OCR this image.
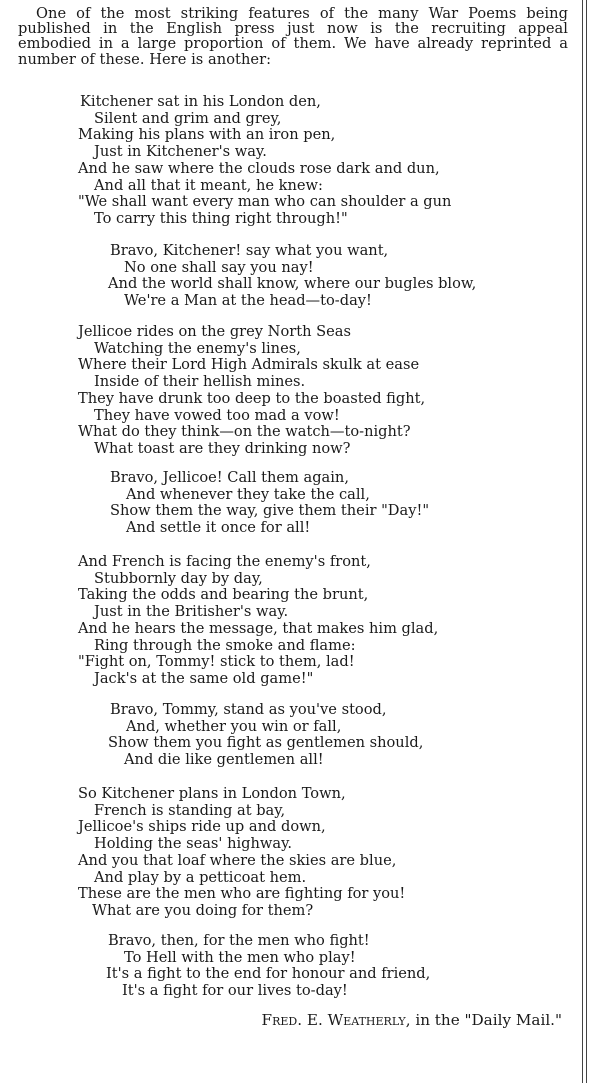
One of the most striking features of the many War Poems being published in the English press just now is the recruiting appeal embodied in a large proportion of them. We have already reprinted a number of these. Here is another:

Kitchener sat in his London den,
Silent and grim and grey,
Making his plans with an iron pen,
Just in Kitchener's way.
And he saw where the clouds rose dark and dun,
And all that it meant, he knew:
"We shall want every man who can shoulder a gun
To carry this thing right through!"
Bravo, Kitchener! say what you want,
No one shall say you nay!
And the world shall know, where our bugles blow,
We're a Man at the head—to-day!
Jellicoe rides on the grey North Seas
Watching the enemy's lines,
Where their Lord High Admirals skulk at ease
Inside of their hellish mines.
They have drunk too deep to the boasted fight,
They have vowed too mad a vow!
What do they think—on the watch—to-night?
What toast are they drinking now?
Bravo, Jellicoe! Call them again,
And whenever they take the call,
Show them the way, give them their "Day!"
And settle it once for all!
And French is facing the enemy's front,
Stubbornly day by day,
Taking the odds and bearing the brunt,
Just in the Britisher's way.
And he hears the message, that makes him glad,
Ring through the smoke and flame:
"Fight on, Tommy! stick to them, lad!
Jack's at the same old game!"
Bravo, Tommy, stand as you've stood,
And, whether you win or fall,
Show them you fight as gentlemen should,
And die like gentlemen all!
So Kitchener plans in London Town,
French is standing at bay,
Jellicoe's ships ride up and down,
Holding the seas' highway.
And you that loaf where the skies are blue,
And play by a petticoat hem.
These are the men who are fighting for you!
What are you doing for them?
Bravo, then, for the men who fight!
To Hell with the men who play!
It's a fight to the end for honour and friend,
It's a fight for our lives to-day!
Fred. E. Weatherly, in the "Daily Mail."
